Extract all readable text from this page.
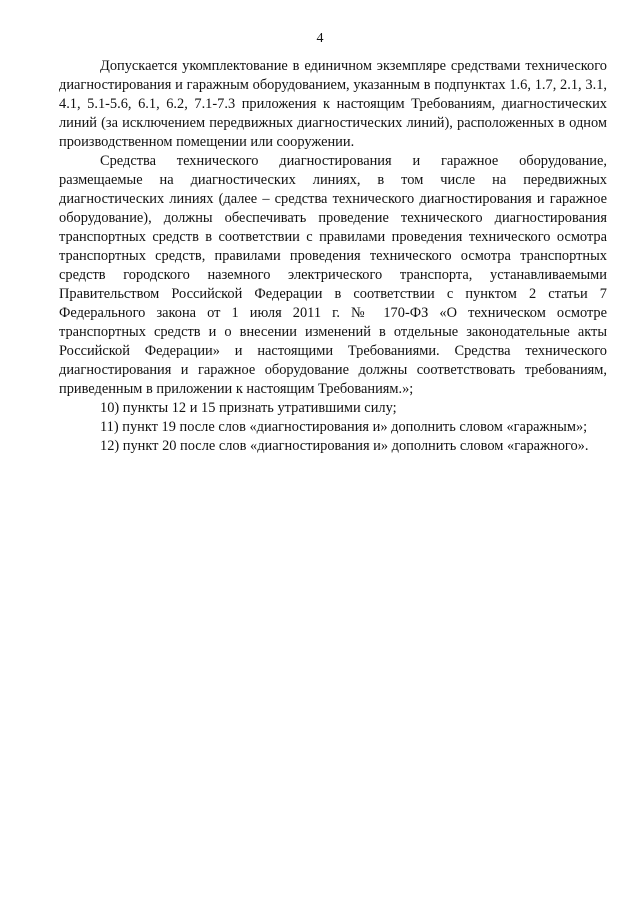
4

Допускается укомплектование в единичном экземпляре средствами технического диагностирования и гаражным оборудованием, указанным в подпунктах 1.6, 1.7, 2.1, 3.1, 4.1, 5.1-5.6, 6.1, 6.2, 7.1-7.3 приложения к настоящим Требованиям, диагностических линий (за исключением передвижных диагностических линий), расположенных в одном производственном помещении или сооружении.

Средства технического диагностирования и гаражное оборудование, размещаемые на диагностических линиях, в том числе на передвижных диагностических линиях (далее – средства технического диагностирования и гаражное оборудование), должны обеспечивать проведение технического диагностирования транспортных средств в соответствии с правилами проведения технического осмотра транспортных средств, правилами проведения технического осмотра транспортных средств городского наземного электрического транспорта, устанавливаемыми Правительством Российской Федерации в соответствии с пунктом 2 статьи 7 Федерального закона от 1 июля 2011 г. № 170-ФЗ «О техническом осмотре транспортных средств и о внесении изменений в отдельные законодательные акты Российской Федерации» и настоящими Требованиями. Средства технического диагностирования и гаражное оборудование должны соответствовать требованиям, приведенным в приложении к настоящим Требованиям.»;

10) пункты 12 и 15 признать утратившими силу;

11) пункт 19 после слов «диагностирования и» дополнить словом «гаражным»;

12) пункт 20 после слов «диагностирования и» дополнить словом «гаражного».
